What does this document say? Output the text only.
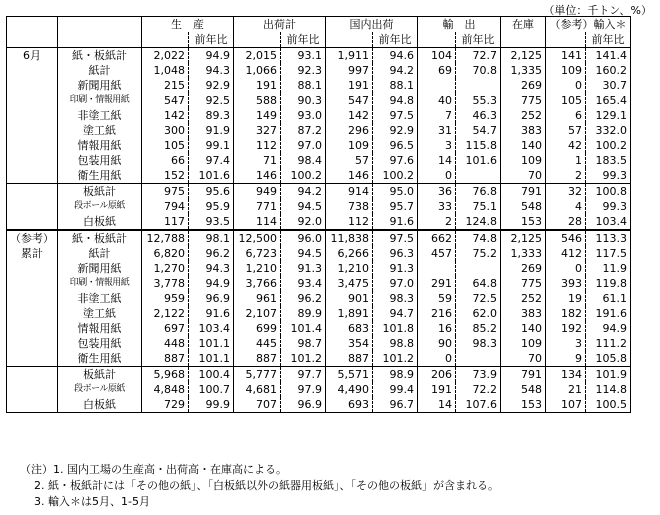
（単位：千トン、%）
		生　産		出荷計		国内出荷		輸　出		在庫	（参考）輸入＊	
			前年比		前年比		前年比		前年比			前年比
6月	紙・板紙計	2,022	94.9	2,015	93.1	1,911	94.6	104	72.7	2,125	141	141.4
	紙計	1,048	94.3	1,066	92.3	997	94.2	69	70.8	1,335	109	160.2
	新聞用紙	215	92.9	191	88.1	191	88.1			269	0	30.7
	印刷・情報用紙	547	92.5	588	90.3	547	94.8	40	55.3	775	105	165.4
	非塗工紙	142	89.3	149	93.0	142	97.5	7	46.3	252	6	129.1
	塗工紙	300	91.9	327	87.2	296	92.9	31	54.7	383	57	332.0
	情報用紙	105	99.1	112	97.0	109	96.5	3	115.8	140	42	100.2
	包装用紙	66	97.4	71	98.4	57	97.6	14	101.6	109	1	183.5
	衛生用紙	152	101.6	146	100.2	146	100.2	0		70	2	99.3
	板紙計	975	95.6	949	94.2	914	95.0	36	76.8	791	32	100.8
	段ボール原紙	794	95.9	771	94.5	738	95.7	33	75.1	548	4	99.3
	白板紙	117	93.5	114	92.0	112	91.6	2	124.8	153	28	103.4
（参考）	紙・板紙計	12,788	98.1	12,500	96.0	11,838	97.5	662	74.8	2,125	546	113.3
累計	紙計	6,820	96.2	6,723	94.5	6,266	96.3	457	75.2	1,333	412	117.5
	新聞用紙	1,270	94.3	1,210	91.3	1,210	91.3			269	0	11.9
	印刷・情報用紙	3,778	94.9	3,766	93.4	3,475	97.0	291	64.8	775	393	119.8
	非塗工紙	959	96.9	961	96.2	901	98.3	59	72.5	252	19	61.1
	塗工紙	2,122	91.6	2,107	89.9	1,891	94.7	216	62.0	383	182	191.6
	情報用紙	697	103.4	699	101.4	683	101.8	16	85.2	140	192	94.9
	包装用紙	448	101.1	445	98.7	354	98.8	90	98.3	109	3	111.2
	衛生用紙	887	101.1	887	101.2	887	101.2	0		70	9	105.8
	板紙計	5,968	100.4	5,777	97.7	5,571	98.9	206	73.9	791	134	101.9
	段ボール原紙	4,848	100.7	4,681	97.9	4,490	99.4	191	72.2	548	21	114.8
	白板紙	729	99.9	707	96.9	693	96.7	14	107.6	153	107	100.5
（注）1. 国内工場の生産高・出荷高・在庫高による。
2. 紙・板紙計には「その他の紙」、「白板紙以外の紙器用板紙」、「その他の板紙」が含まれる。
3. 輸入＊は5月、1-5月
